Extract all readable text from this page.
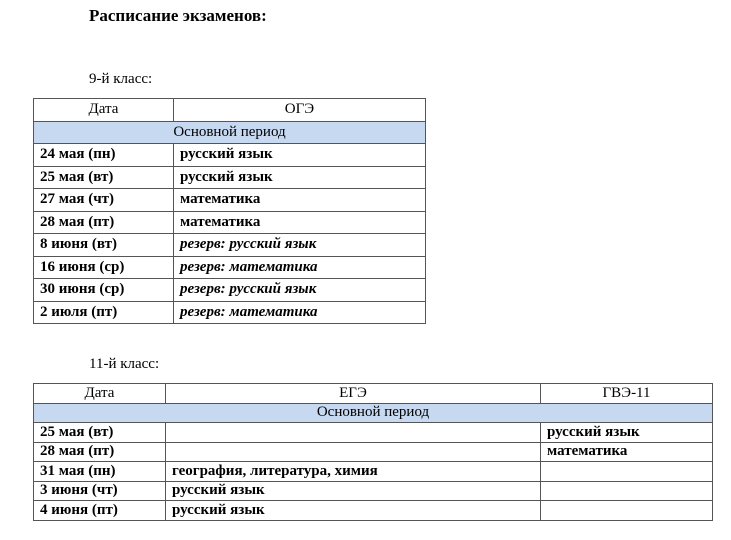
Расписание экзаменов:
9-й класс:
Дата	ОГЭ
Основной период	
24 мая (пн)	русский язык
25 мая (вт)	русский язык
27 мая (чт)	математика
28 мая (пт)	математика
8 июня (вт)	резерв: русский язык
16 июня (ср)	резерв: математика
30 июня (ср)	резерв: русский язык
2 июля (пт)	резерв: математика
11-й класс:
Дата	ЕГЭ	ГВЭ-11
Основной период		
25 мая (вт)		русский язык
28 мая (пт)		математика
31 мая (пн)	география, литература, химия	
3 июня (чт)	русский язык	
4 июня (пт)	русский язык	
